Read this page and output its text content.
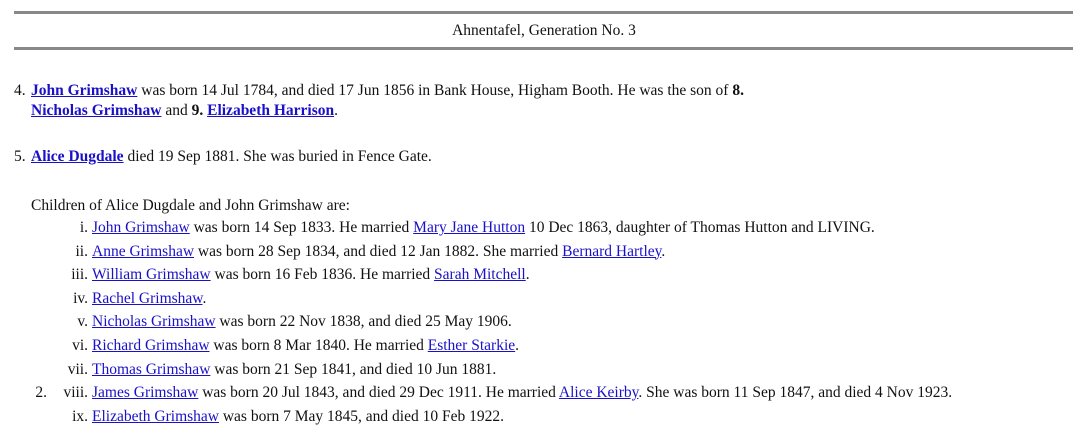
Ahnentafel, Generation No. 3
4. John Grimshaw was born 14 Jul 1784, and died 17 Jun 1856 in Bank House, Higham Booth. He was the son of 8.
Nicholas Grimshaw and 9. Elizabeth Harrison.
5. Alice Dugdale died 19 Sep 1881. She was buried in Fence Gate.
Children of Alice Dugdale and John Grimshaw are:
i. John Grimshaw was born 14 Sep 1833. He married Mary Jane Hutton 10 Dec 1863, daughter of Thomas Hutton and LIVING.
ii. Anne Grimshaw was born 28 Sep 1834, and died 12 Jan 1882. She married Bernard Hartley.
iii. William Grimshaw was born 16 Feb 1836. He married Sarah Mitchell.
iv. Rachel Grimshaw.
v. Nicholas Grimshaw was born 22 Nov 1838, and died 25 May 1906.
vi. Richard Grimshaw was born 8 Mar 1840. He married Esther Starkie.
vii. Thomas Grimshaw was born 21 Sep 1841, and died 10 Jun 1881.
2. viii. James Grimshaw was born 20 Jul 1843, and died 29 Dec 1911. He married Alice Keirby. She was born 11 Sep 1847, and died 4 Nov 1923.
ix. Elizabeth Grimshaw was born 7 May 1845, and died 10 Feb 1922.
